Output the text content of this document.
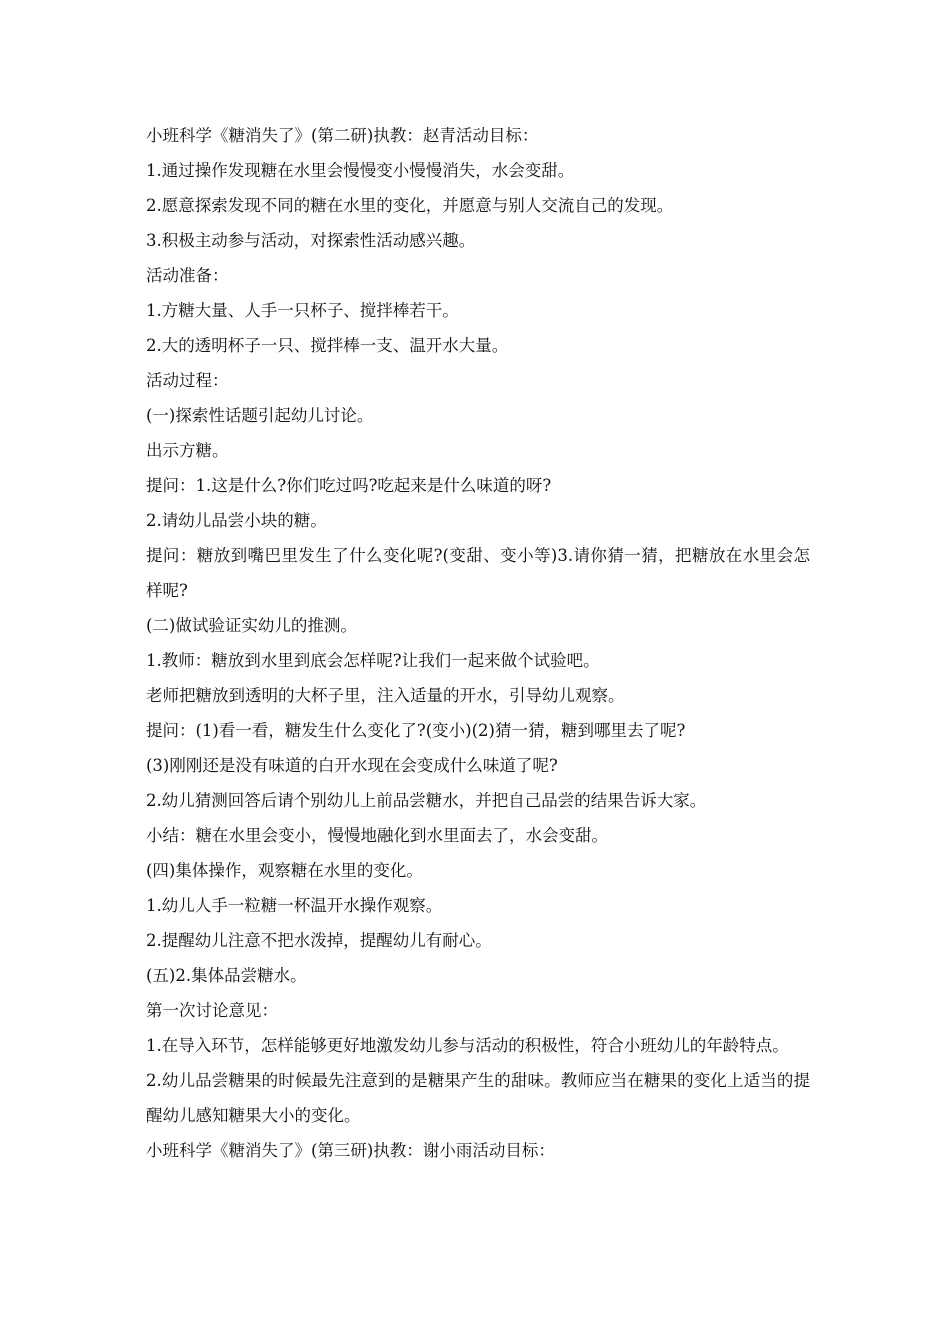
小班科学《糖消失了》(第二研)执教：赵青活动目标：

1.通过操作发现糖在水里会慢慢变小慢慢消失，水会变甜。

2.愿意探索发现不同的糖在水里的变化，并愿意与别人交流自己的发现。

3.积极主动参与活动，对探索性活动感兴趣。

活动准备：

1.方糖大量、人手一只杯子、搅拌棒若干。

2.大的透明杯子一只、搅拌棒一支、温开水大量。

活动过程：

(一)探索性话题引起幼儿讨论。

出示方糖。

提问：1.这是什么?你们吃过吗?吃起来是什么味道的呀?

2.请幼儿品尝小块的糖。

提问：糖放到嘴巴里发生了什么变化呢?(变甜、变小等)3.请你猜一猜，把糖放在水里会怎样呢?

(二)做试验证实幼儿的推测。

1.教师：糖放到水里到底会怎样呢?让我们一起来做个试验吧。

老师把糖放到透明的大杯子里，注入适量的开水，引导幼儿观察。

提问：(1)看一看，糖发生什么变化了?(变小)(2)猜一猜，糖到哪里去了呢?

(3)刚刚还是没有味道的白开水现在会变成什么味道了呢?

2.幼儿猜测回答后请个别幼儿上前品尝糖水，并把自己品尝的结果告诉大家。

小结：糖在水里会变小，慢慢地融化到水里面去了，水会变甜。

(四)集体操作，观察糖在水里的变化。

1.幼儿人手一粒糖一杯温开水操作观察。

2.提醒幼儿注意不把水泼掉，提醒幼儿有耐心。

(五)2.集体品尝糖水。

第一次讨论意见：

1.在导入环节，怎样能够更好地激发幼儿参与活动的积极性，符合小班幼儿的年龄特点。

2.幼儿品尝糖果的时候最先注意到的是糖果产生的甜味。教师应当在糖果的变化上适当的提醒幼儿感知糖果大小的变化。

小班科学《糖消失了》(第三研)执教：谢小雨活动目标：
